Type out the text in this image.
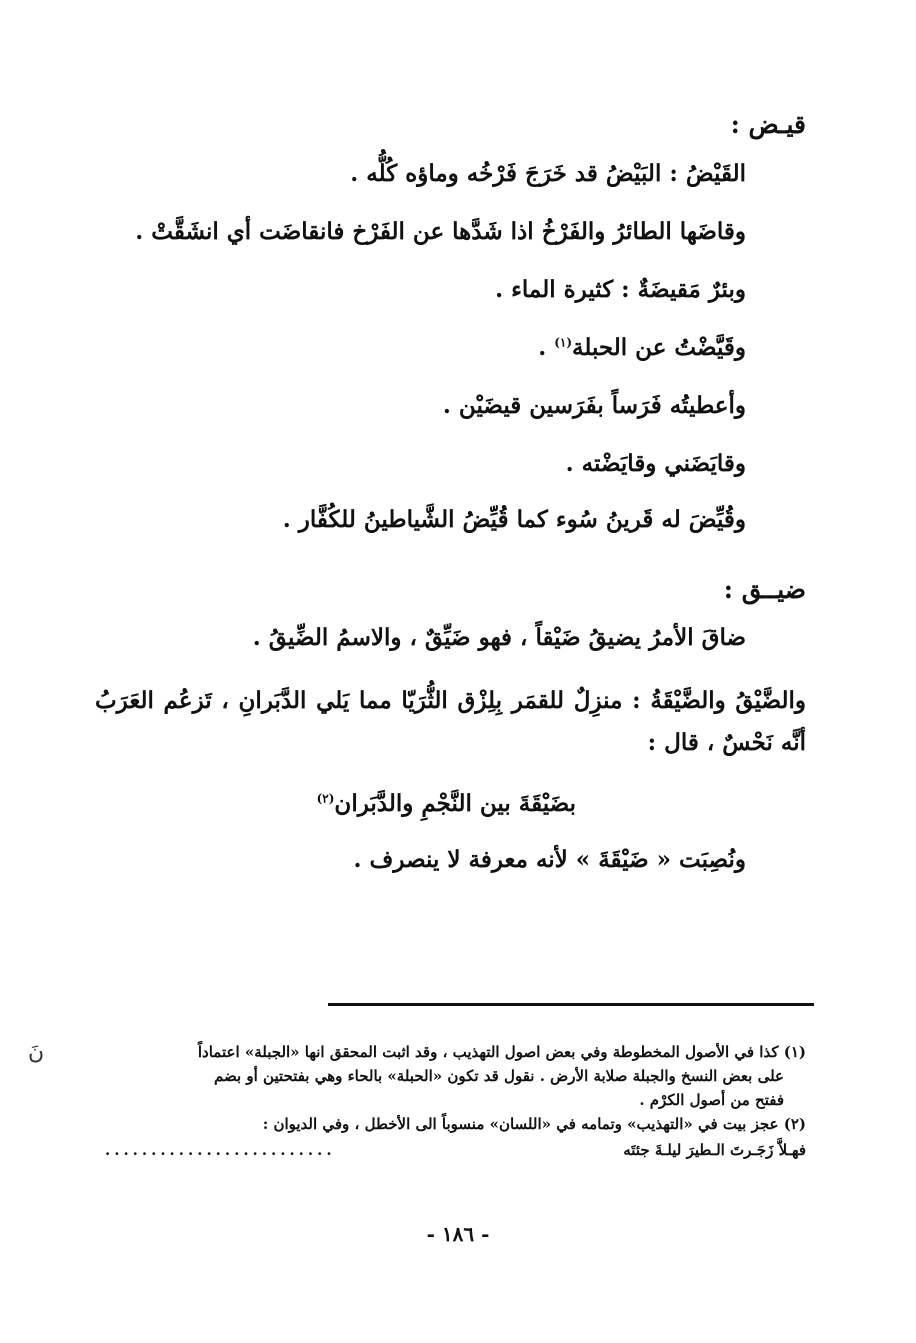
قيـض :
القَيْضُ : البَيْضُ قد خَرَجَ فَرْخُه وماؤه كُلُّه .
وقاضَها الطائرُ والفَرْخُ اذا شَدَّها عن الفَرْخ فانقاضَت أي انشَقَّتْ .
وبئرٌ مَقيضَةٌ : كثيرة الماء .
وقَيَّضْتُ عن الحبلة$^{(١)}$ .
وأعطيتُه فَرَساً بفَرَسين قيضَيْن .
وقايَضَني وقايَضْته .
وقُيِّضَ له قَرينُ سُوء كما قُيِّضُ الشَّياطينُ للكُفَّار .
ضيــق :
ضاقَ الأمرُ يضيقُ ضَيْقاً ، فهو ضَيِّقٌ ، والاسمُ الضِّيقُ .
والضَّيْقُ والضَّيْقَةُ : منزِلٌ للقمَر بِلِزْق الثُّرَيّا مما يَلي الدَّبَرانِ ، تَزعُم العَرَبُ أنَّه نَحْسٌ ، قال :
بضَيْقَةَ بين النَّجْمِ والدَّبَران$^{(٢)}$
ونُصِبَت « ضَيْقَةَ » لأنه معرفة لا ينصرف .

(١) كذا في الأصول المخطوطة وفي بعض اصول التهذيب ، وقد اثبت المحقق انها «الجبلة» اعتماداً

على بعض النسخ والجبلة صلابة الأرض . نقول قد تكون «الحبلة» بالحاء وهي بفتحتين أو بضم

ففتح من أصول الكرْم .

(٢) عجز بيت في «التهذيب» وتمامه في «اللسان» منسوباً الى الأخطل ، وفي الديوان :

فهـلاَّ زَجَـرتَ الـطيرَ ليلـةَ جئتَه
.........................
نَ
- ١٨٦ -
